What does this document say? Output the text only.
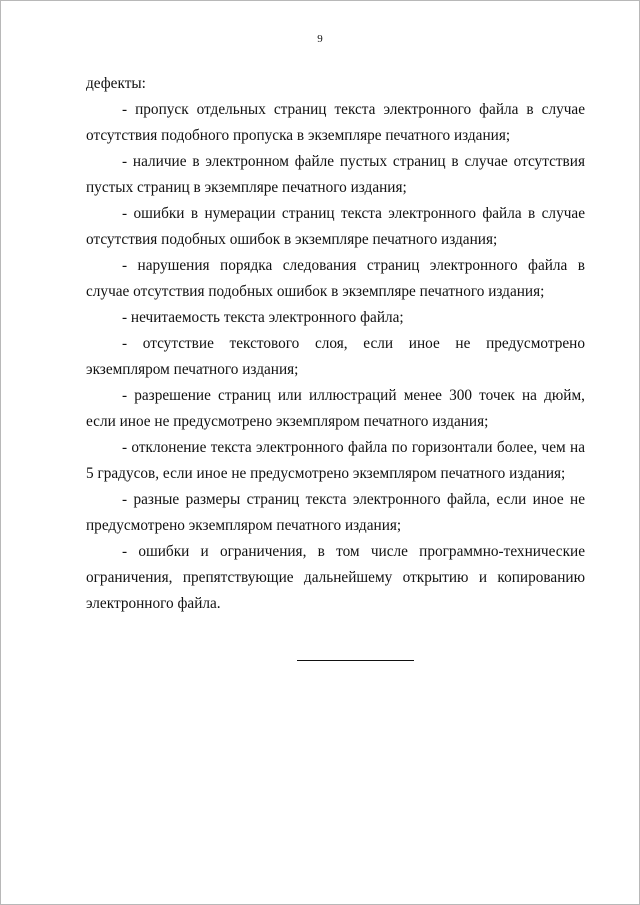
9

дефекты:

- пропуск отдельных страниц текста электронного файла в случае отсутствия подобного пропуска в экземпляре печатного издания;

- наличие в электронном файле пустых страниц в случае отсутствия пустых страниц в экземпляре печатного издания;

- ошибки в нумерации страниц текста электронного файла в случае отсутствия подобных ошибок в экземпляре печатного издания;

- нарушения порядка следования страниц электронного файла в случае отсутствия подобных ошибок в экземпляре печатного издания;

- нечитаемость текста электронного файла;

- отсутствие текстового слоя, если иное не предусмотрено экземпляром печатного издания;

- разрешение страниц или иллюстраций менее 300 точек на дюйм, если иное не предусмотрено экземпляром печатного издания;

- отклонение текста электронного файла по горизонтали более, чем на 5 градусов, если иное не предусмотрено экземпляром печатного издания;

- разные размеры страниц текста электронного файла, если иное не предусмотрено экземпляром печатного издания;

- ошибки и ограничения, в том числе программно-технические ограничения, препятствующие дальнейшему открытию и копированию электронного файла.
